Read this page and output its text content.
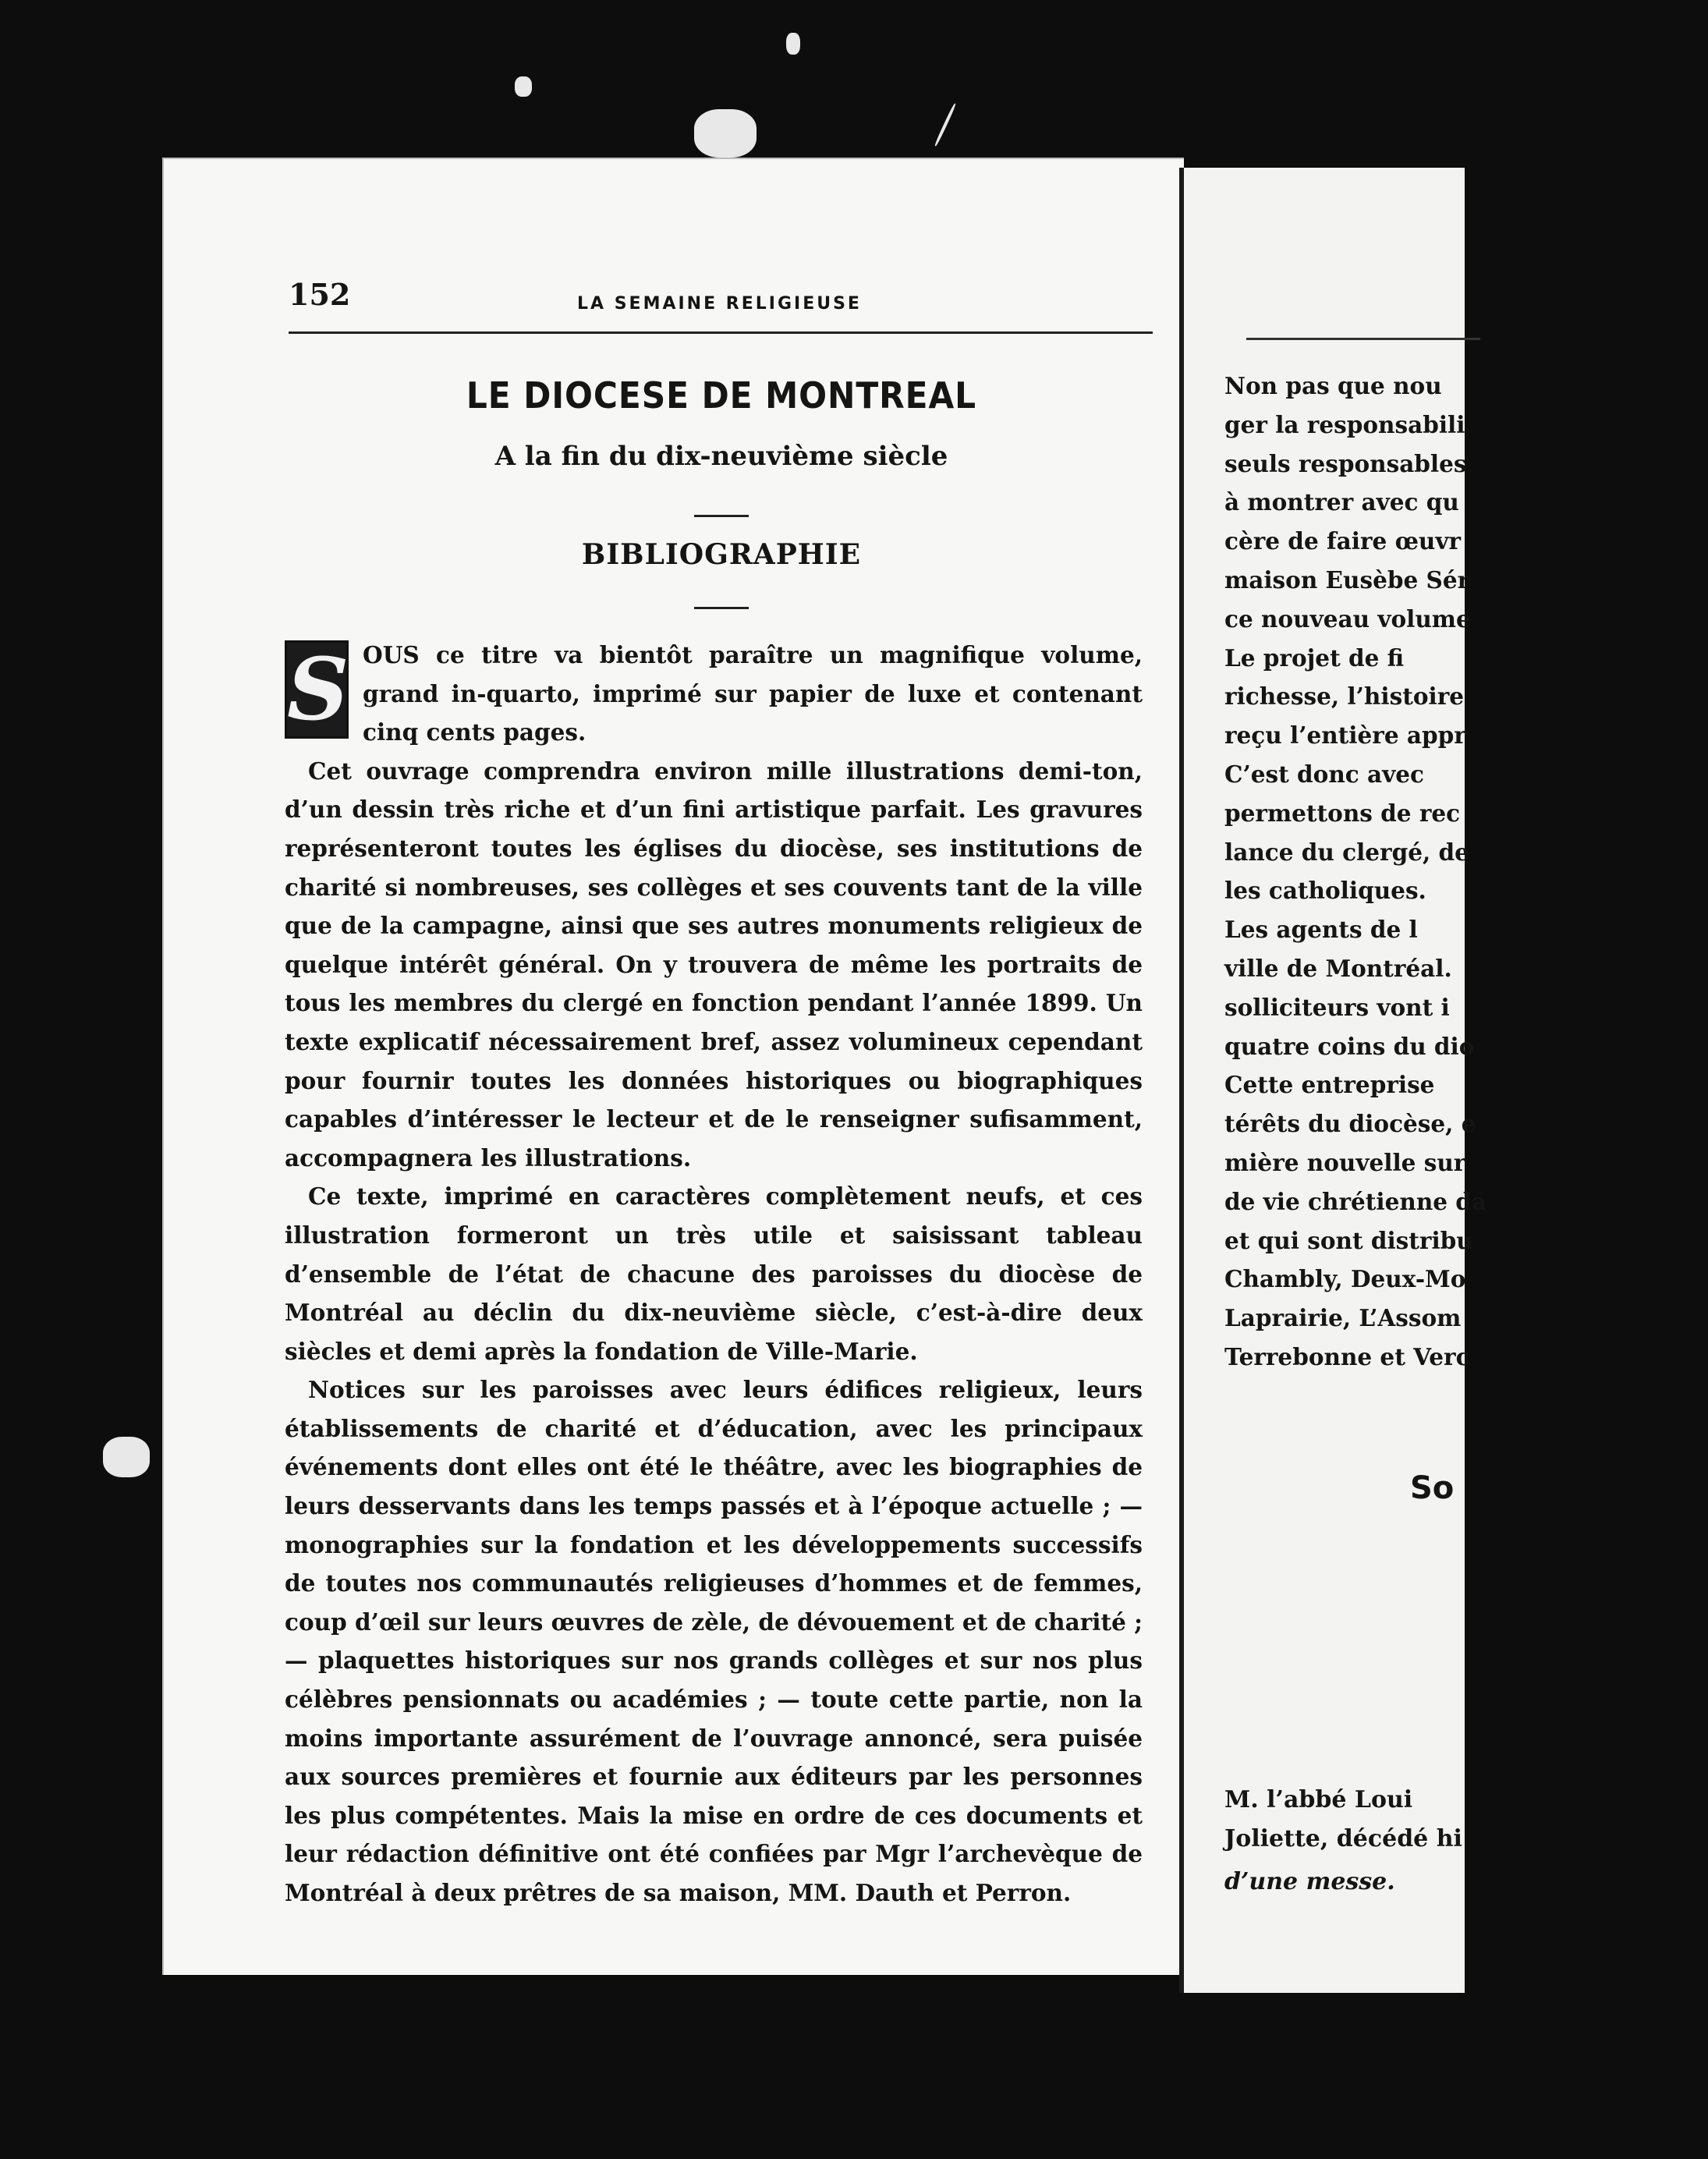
152	LA SEMAINE RELIGIEUSE
LE DIOCESE DE MONTREAL
A la fin du dix-neuvième siècle
BIBLIOGRAPHIE

S OUS ce titre va bientôt paraître un magnifique volume, grand in-quarto, imprimé sur papier de luxe et contenant cinq cents pages.

Cet ouvrage comprendra environ mille illustrations demi-ton, d’un dessin très riche et d’un fini artistique parfait. Les gravures représenteront toutes les églises du diocèse, ses institutions de charité si nombreuses, ses collèges et ses couvents tant de la ville que de la campagne, ainsi que ses autres monuments religieux de quelque intérêt général. On y trouvera de même les portraits de tous les membres du clergé en fonction pendant l’année 1899. Un texte explicatif nécessairement bref, assez volumineux cependant pour fournir toutes les données historiques ou biographiques capables d’intéresser le lecteur et de le renseigner sufisamment, accompagnera les illustrations.

Ce texte, imprimé en caractères complètement neufs, et ces illustration formeront un très utile et saisissant tableau d’ensemble de l’état de chacune des paroisses du diocèse de Montréal au déclin du dix-neuvième siècle, c’est-à-dire deux siècles et demi après la fondation de Ville-Marie.

Notices sur les paroisses avec leurs édifices religieux, leurs établissements de charité et d’éducation, avec les principaux événements dont elles ont été le théâtre, avec les biographies de leurs desservants dans les temps passés et à l’époque actuelle ; — monographies sur la fondation et les développements successifs de toutes nos communautés religieuses d’hommes et de femmes, coup d’œil sur leurs œuvres de zèle, de dévouement et de charité ; — plaquettes historiques sur nos grands collèges et sur nos plus célèbres pensionnats ou académies ; — toute cette partie, non la moins importante assurément de l’ouvrage annoncé, sera puisée aux sources premières et fournie aux éditeurs par les personnes les plus compétentes. Mais la mise en ordre de ces documents et leur rédaction définitive ont été confiées par Mgr l’archevèque de Montréal à deux prêtres de sa maison, MM. Dauth et Perron.

Non pas que nou
ger la responsabili
seuls responsables
à montrer avec qu
cère de faire œuvr
maison Eusèbe Sér
ce nouveau volume
Le projet de fi
richesse, l’histoire
reçu l’entière appr
C’est donc avec
permettons de rec
lance du clergé, de
les catholiques.
Les agents de l
ville de Montréal.
solliciteurs vont i
quatre coins du dio
Cette entreprise
térêts du diocèse, e
mière nouvelle sur
de vie chrétienne da
et qui sont distribu
Chambly, Deux-Mo
Laprairie, L’Assom
Terrebonne et Verc
So
M. l’abbé Loui
Joliette, décédé hi
d’une messe.
